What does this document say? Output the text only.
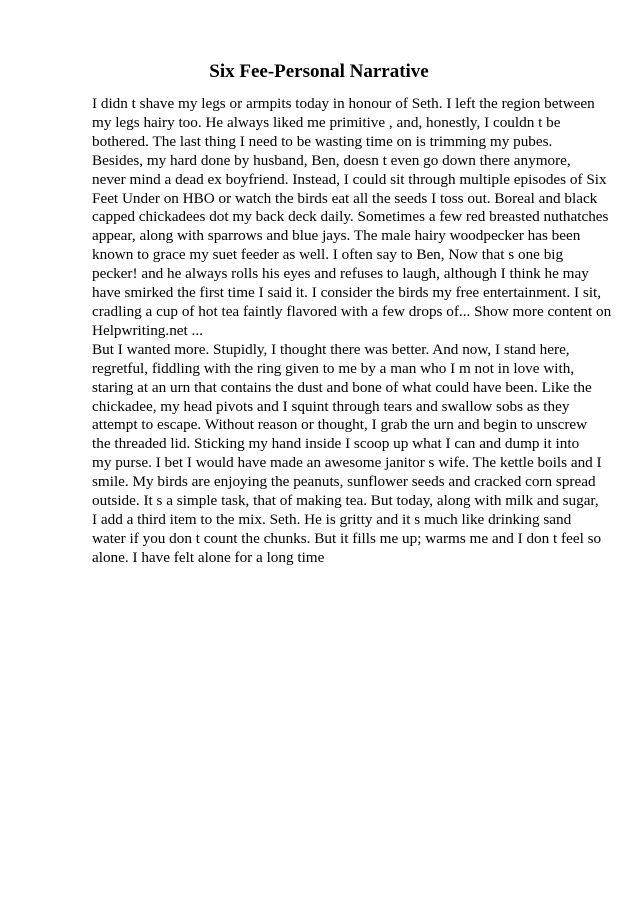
Six Fee-Personal Narrative
I didn t shave my legs or armpits today in honour of Seth. I left the region between
my legs hairy too. He always liked me primitive , and, honestly, I couldn t be
bothered. The last thing I need to be wasting time on is trimming my pubes.
Besides, my hard done by husband, Ben, doesn t even go down there anymore,
never mind a dead ex boyfriend. Instead, I could sit through multiple episodes of Six
Feet Under on HBO or watch the birds eat all the seeds I toss out. Boreal and black
capped chickadees dot my back deck daily. Sometimes a few red breasted nuthatches
appear, along with sparrows and blue jays. The male hairy woodpecker has been
known to grace my suet feeder as well. I often say to Ben, Now that s one big
pecker! and he always rolls his eyes and refuses to laugh, although I think he may
have smirked the first time I said it. I consider the birds my free entertainment. I sit,
cradling a cup of hot tea faintly flavored with a few drops of... Show more content on
Helpwriting.net ...
But I wanted more. Stupidly, I thought there was better. And now, I stand here,
regretful, fiddling with the ring given to me by a man who I m not in love with,
staring at an urn that contains the dust and bone of what could have been. Like the
chickadee, my head pivots and I squint through tears and swallow sobs as they
attempt to escape. Without reason or thought, I grab the urn and begin to unscrew
the threaded lid. Sticking my hand inside I scoop up what I can and dump it into
my purse. I bet I would have made an awesome janitor s wife. The kettle boils and I
smile. My birds are enjoying the peanuts, sunflower seeds and cracked corn spread
outside. It s a simple task, that of making tea. But today, along with milk and sugar,
I add a third item to the mix. Seth. He is gritty and it s much like drinking sand
water if you don t count the chunks. But it fills me up; warms me and I don t feel so
alone. I have felt alone for a long time
